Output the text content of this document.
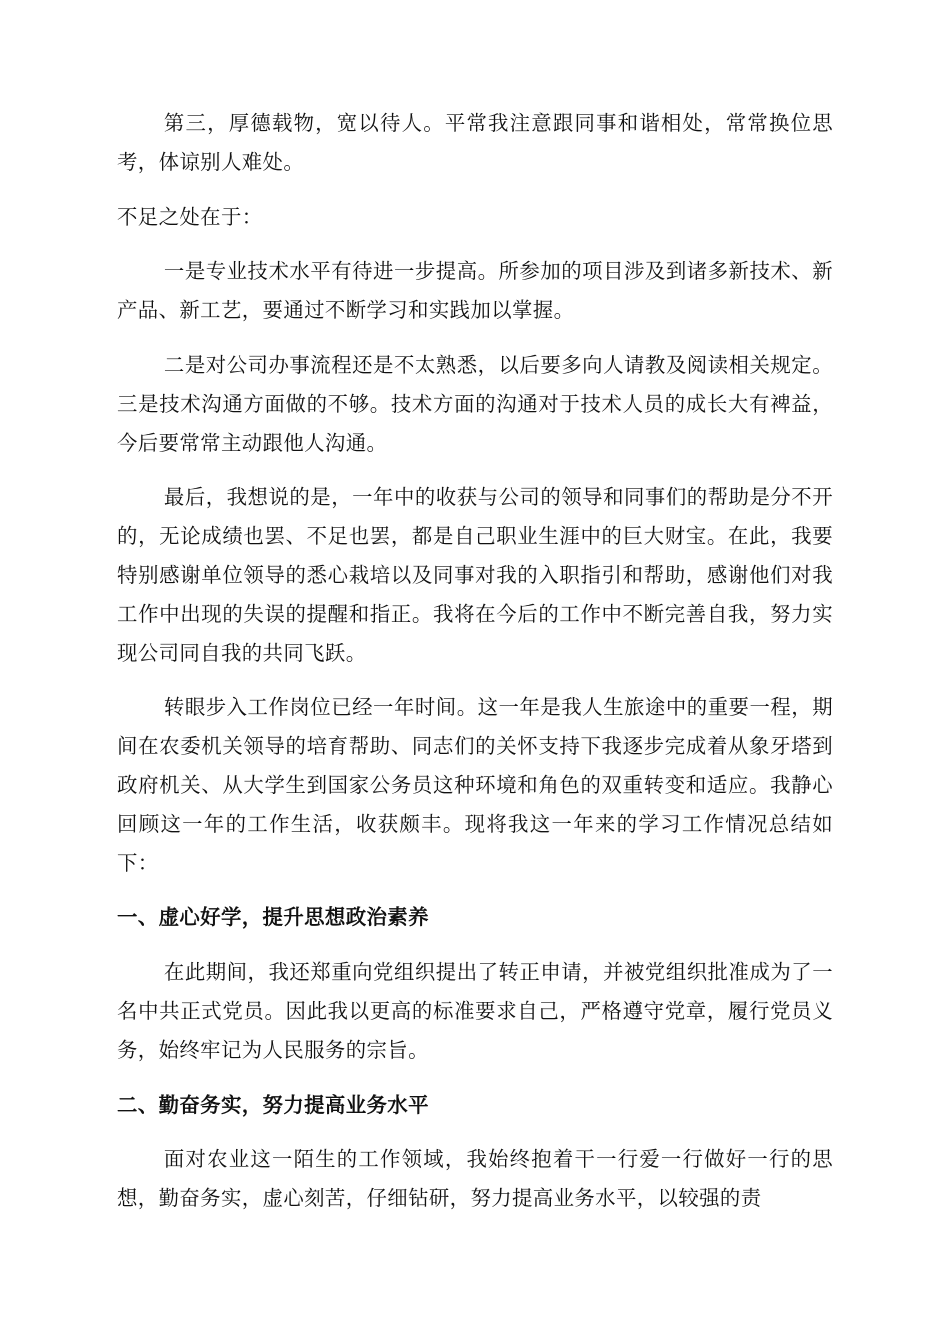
第三，厚德载物，宽以待人。平常我注意跟同事和谐相处，常常换位思考，体谅别人难处。

不足之处在于：

一是专业技术水平有待进一步提高。所参加的项目涉及到诸多新技术、新产品、新工艺，要通过不断学习和实践加以掌握。

二是对公司办事流程还是不太熟悉，以后要多向人请教及阅读相关规定。三是技术沟通方面做的不够。技术方面的沟通对于技术人员的成长大有裨益，今后要常常主动跟他人沟通。

最后，我想说的是，一年中的收获与公司的领导和同事们的帮助是分不开的，无论成绩也罢、不足也罢，都是自己职业生涯中的巨大财宝。在此，我要特别感谢单位领导的悉心栽培以及同事对我的入职指引和帮助，感谢他们对我工作中出现的失误的提醒和指正。我将在今后的工作中不断完善自我，努力实现公司同自我的共同飞跃。

转眼步入工作岗位已经一年时间。这一年是我人生旅途中的重要一程，期间在农委机关领导的培育帮助、同志们的关怀支持下我逐步完成着从象牙塔到政府机关、从大学生到国家公务员这种环境和角色的双重转变和适应。我静心回顾这一年的工作生活，收获颇丰。现将我这一年来的学习工作情况总结如下：

一、虚心好学，提升思想政治素养

在此期间，我还郑重向党组织提出了转正申请，并被党组织批准成为了一名中共正式党员。因此我以更高的标准要求自己，严格遵守党章，履行党员义务，始终牢记为人民服务的宗旨。

二、勤奋务实，努力提高业务水平

面对农业这一陌生的工作领域，我始终抱着干一行爱一行做好一行的思想，勤奋务实，虚心刻苦，仔细钻研，努力提高业务水平，以较强的责
